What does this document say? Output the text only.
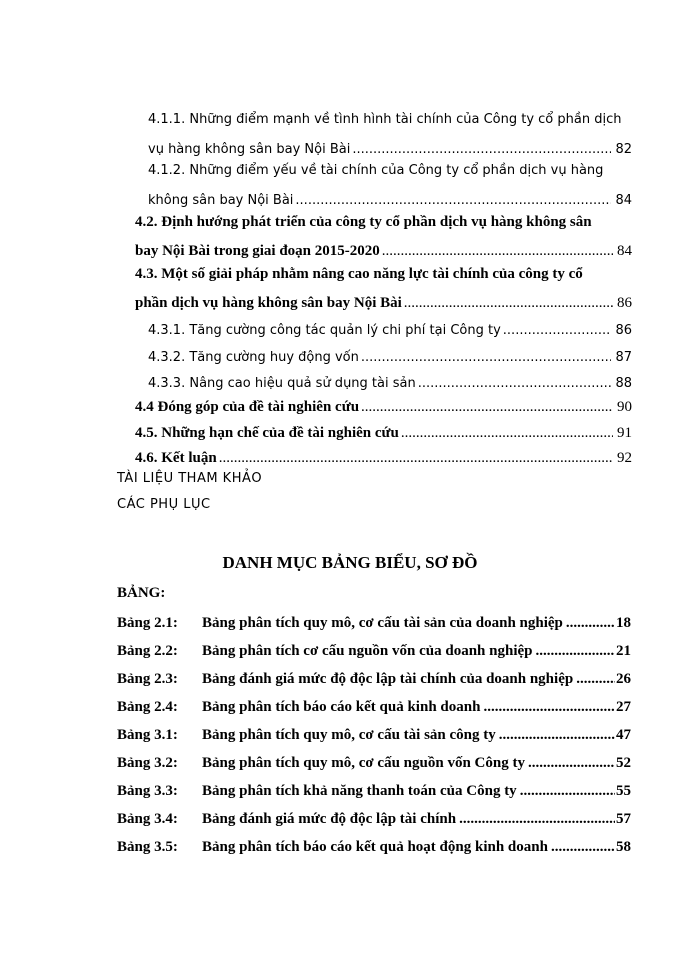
4.1.1. Những điểm mạnh về tình hình tài chính của Công ty cổ phần dịch
vụ hàng không sân bay Nội Bài .....	82
4.1.2. Những điểm yếu về tài chính của Công ty cổ phần dịch vụ hàng
không sân bay Nội Bài .....	84
4.2. Định hướng phát triển của công ty cổ phần dịch vụ hàng không sân
bay Nội Bài trong giai đoạn 2015-2020 .....	84
4.3. Một số giải pháp nhằm nâng cao năng lực tài chính của công ty cổ
phần dịch vụ hàng không sân bay Nội Bài .....	86
4.3.1. Tăng cường công tác quản lý chi phí tại Công ty .....	86
4.3.2. Tăng cường huy động vốn .....	87
4.3.3. Nâng cao hiệu quả sử dụng tài sản .....	88
4.4 Đóng góp của đề tài nghiên cứu .....	90
4.5. Những hạn chế của đề tài nghiên cứu .....	91
4.6. Kết luận .....	92
TÀI LIỆU THAM KHẢO
CÁC PHỤ LỤC
DANH MỤC BẢNG BIỂU, SƠ ĐỒ
BẢNG:
Bảng 2.1:	Bảng phân tích quy mô, cơ cấu tài sản của doanh nghiệp .....	18
Bảng 2.2:	Bảng phân tích cơ cấu nguồn vốn của doanh nghiệp .....	21
Bảng 2.3:	Bảng đánh giá mức độ độc lập tài chính của doanh nghiệp .....	26
Bảng 2.4:	Bảng phân tích báo cáo kết quả kinh doanh .....	27
Bảng 3.1:	Bảng phân tích quy mô, cơ cấu tài sản công ty .....	47
Bảng 3.2:	Bảng phân tích quy mô, cơ cấu nguồn vốn Công ty .....	52
Bảng 3.3:	Bảng phân tích khả năng thanh toán của Công ty .....	55
Bảng 3.4:	Bảng đánh giá mức độ độc lập tài chính .....	57
Bảng 3.5:	Bảng phân tích báo cáo kết quả hoạt động kinh doanh .....	58
